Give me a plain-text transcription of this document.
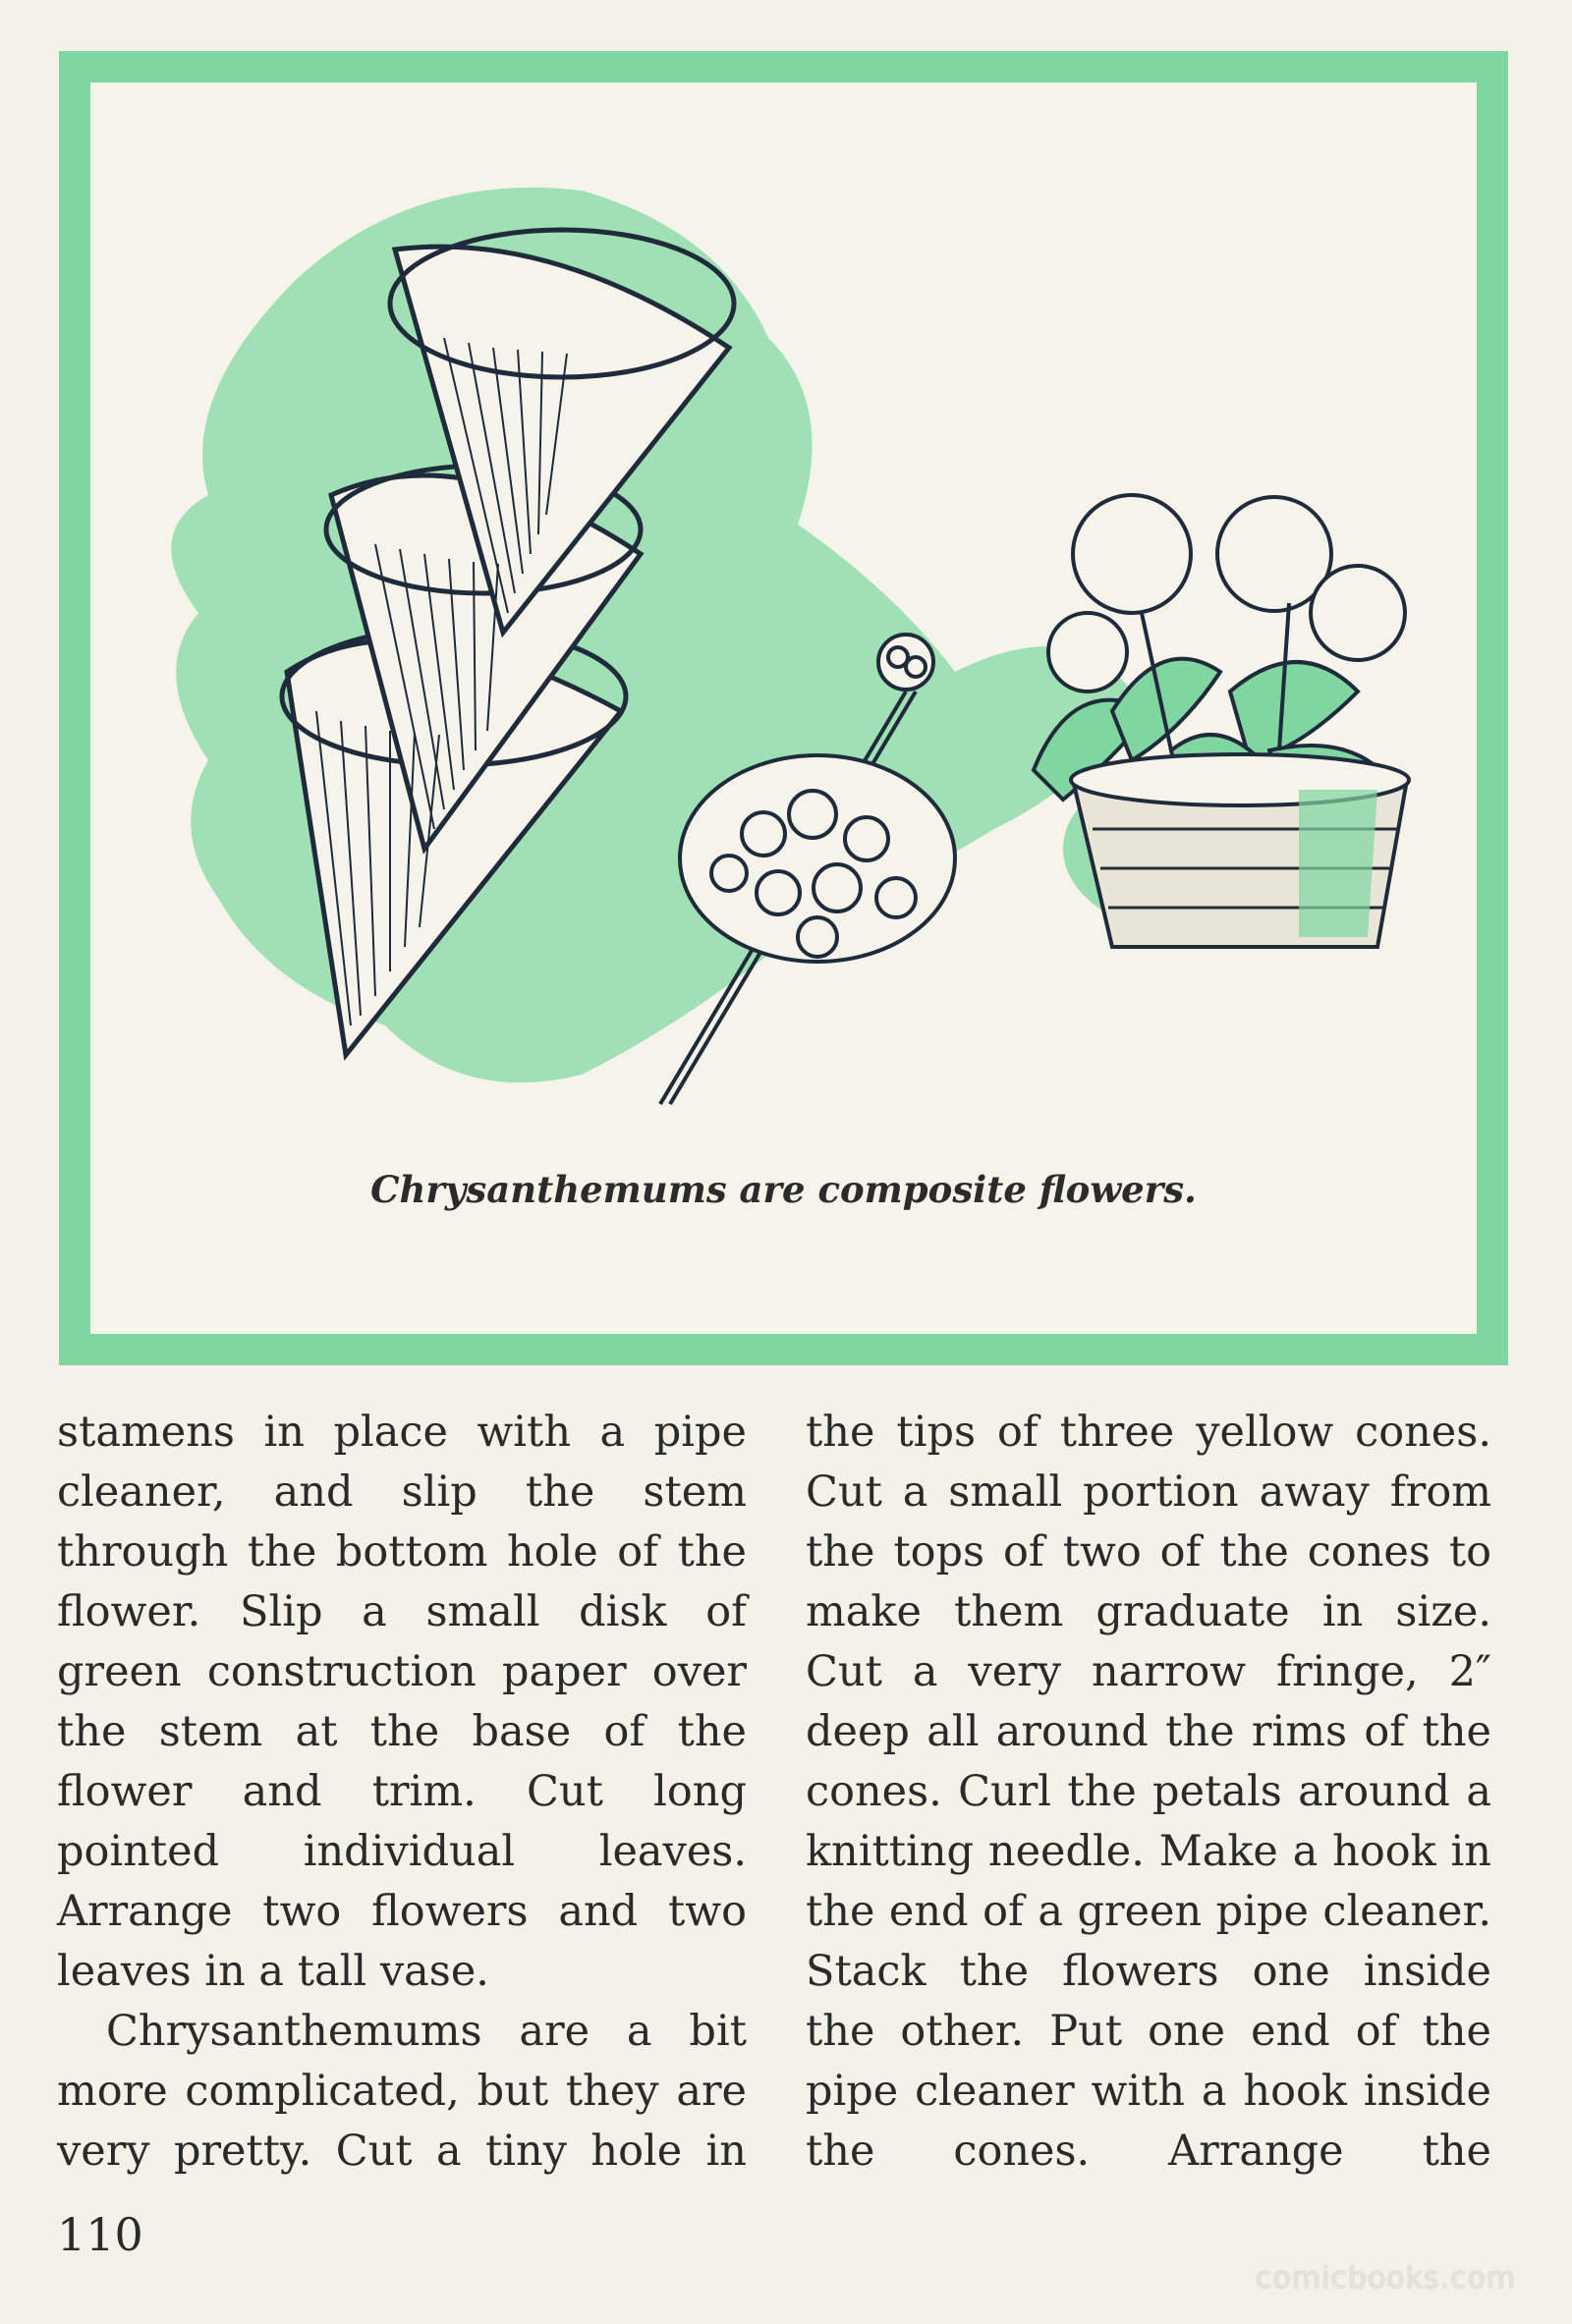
Chrysanthemums are composite flowers.

stamens in place with a pipe cleaner, and slip the stem through the bottom hole of the flower. Slip a small disk of green construction paper over the stem at the base of the flower and trim. Cut long pointed individual leaves. Arrange two flowers and two leaves in a tall vase.

Chrysanthemums are a bit more complicated, but they are very pretty. Cut a tiny hole in

the tips of three yellow cones. Cut a small portion away from the tops of two of the cones to make them graduate in size. Cut a very narrow fringe, 2″ deep all around the rims of the cones. Curl the petals around a knitting needle. Make a hook in the end of a green pipe cleaner. Stack the flowers one inside the other. Put one end of the pipe cleaner with a hook inside the cones. Arrange the

110
comicbooks.com
